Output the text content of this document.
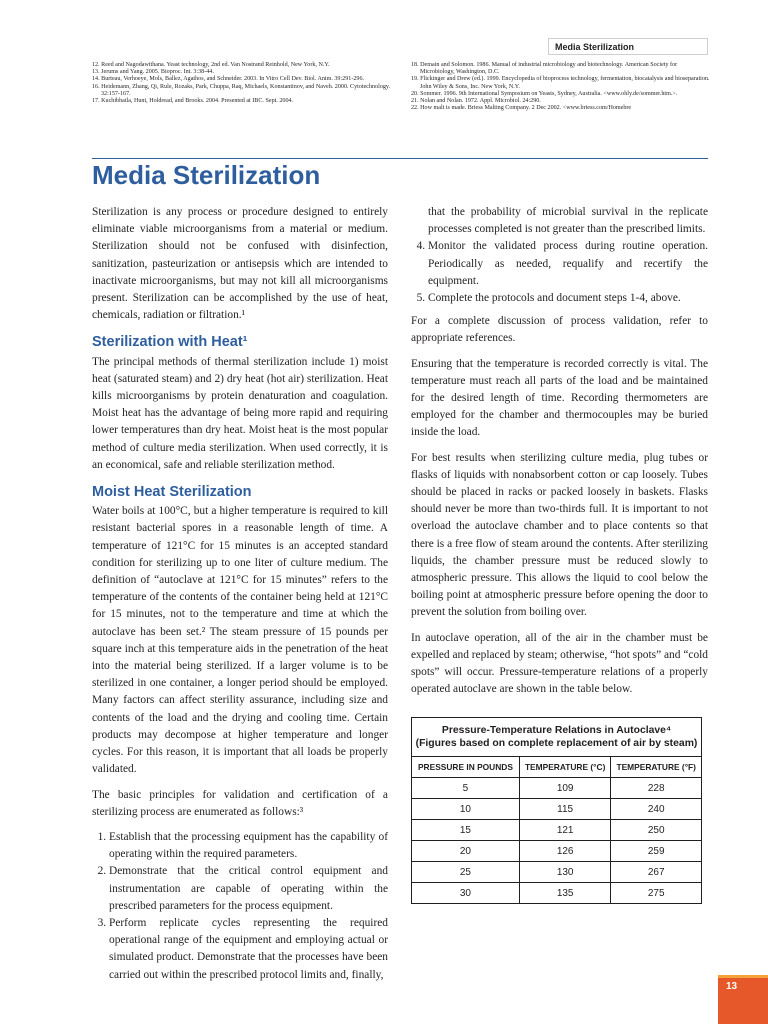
Media Sterilization
12. Reed and Nagodawithana. Yeast technology, 2nd ed. Van Nostrand Reinhold, New York, N.Y.
13. Jerums and Yang. 2005. Bioproc. Int. 3:38-44.
14. Burteau, Verhoeye, Mols, Ballez, Agathos, and Schneider. 2003. In Vitro Cell Dev. Biol. Anim. 39:291-296.
16. Heidemann, Zhang, Qi, Rule, Rozaks, Park, Chuppa, Raq, Michaels, Konstantinov, and Naveh. 2000. Cytotechnology. 32:157-167.
17. Kuchibhatla, Hunt, Holdread, and Brooks. 2004. Presented at IBC. Sept. 2004.
18. Demain and Solomon. 1986. Manual of industrial microbiology and biotechnology. American Society for Microbiology, Washington, D.C.
19. Flickinger and Drew (ed.). 1999. Encyclopedia of bioprocess technology, fermentation, biocatalysis and bioseparation. John Wiley & Sons, Inc. New York, N.Y.
20. Sommer. 1996. 9th International Symposium on Yeasts, Sydney, Australia. <www.ohly.de/sommer.htm.>.
21. Nolan and Nolan. 1972. Appl. Microbiol. 24:290.
22. How malt is made. Briess Malting Company. 2 Dec 2002. <www.briess.com/Homebre
Media Sterilization

Sterilization is any process or procedure designed to entirely eliminate viable microorganisms from a material or medium. Sterilization should not be confused with disinfection, sanitization, pasteurization or antisepsis which are intended to inactivate microorganisms, but may not kill all microorganisms present. Sterilization can be accomplished by the use of heat, chemicals, radiation or filtration.¹

Sterilization with Heat¹

The principal methods of thermal sterilization include 1) moist heat (saturated steam) and 2) dry heat (hot air) sterilization. Heat kills microorganisms by protein denaturation and coagulation. Moist heat has the advantage of being more rapid and requiring lower temperatures than dry heat. Moist heat is the most popular method of culture media sterilization. When used correctly, it is an economical, safe and reliable sterilization method.

Moist Heat Sterilization

Water boils at 100°C, but a higher temperature is required to kill resistant bacterial spores in a reasonable length of time. A temperature of 121°C for 15 minutes is an accepted standard condition for sterilizing up to one liter of culture medium. The definition of “autoclave at 121°C for 15 minutes” refers to the temperature of the contents of the container being held at 121°C for 15 minutes, not to the temperature and time at which the autoclave has been set.² The steam pressure of 15 pounds per square inch at this temperature aids in the penetration of the heat into the material being sterilized. If a larger volume is to be sterilized in one container, a longer period should be employed. Many factors can affect sterility assurance, including size and contents of the load and the drying and cooling time. Certain products may decompose at higher temperature and longer cycles. For this reason, it is important that all loads be properly validated.

The basic principles for validation and certification of a sterilizing process are enumerated as follows:³

1. Establish that the processing equipment has the capability of operating within the required parameters.
2. Demonstrate that the critical control equipment and instrumentation are capable of operating within the prescribed parameters for the process equipment.
3. Perform replicate cycles representing the required operational range of the equipment and employing actual or simulated product. Demonstrate that the processes have been carried out within the prescribed protocol limits and, finally,

that the probability of microbial survival in the replicate processes completed is not greater than the prescribed limits.

4. Monitor the validated process during routine operation. Periodically as needed, requalify and recertify the equipment.
5. Complete the protocols and document steps 1-4, above.

For a complete discussion of process validation, refer to appropriate references.

Ensuring that the temperature is recorded correctly is vital. The temperature must reach all parts of the load and be maintained for the desired length of time. Recording thermometers are employed for the chamber and thermocouples may be buried inside the load.

For best results when sterilizing culture media, plug tubes or flasks of liquids with nonabsorbent cotton or cap loosely. Tubes should be placed in racks or packed loosely in baskets. Flasks should never be more than two-thirds full. It is important to not overload the autoclave chamber and to place contents so that there is a free flow of steam around the contents. After sterilizing liquids, the chamber pressure must be reduced slowly to atmospheric pressure. This allows the liquid to cool below the boiling point at atmospheric pressure before opening the door to prevent the solution from boiling over.

In autoclave operation, all of the air in the chamber must be expelled and replaced by steam; otherwise, “hot spots” and “cold spots” will occur. Pressure-temperature relations of a properly operated autoclave are shown in the table below.

Pressure-Temperature Relations in Autoclave⁴
(Figures based on complete replacement of air by steam)		
PRESSURE IN POUNDS	TEMPERATURE (°C)	TEMPERATURE (°F)
5	109	228
10	115	240
15	121	250
20	126	259
25	130	267
30	135	275
13
